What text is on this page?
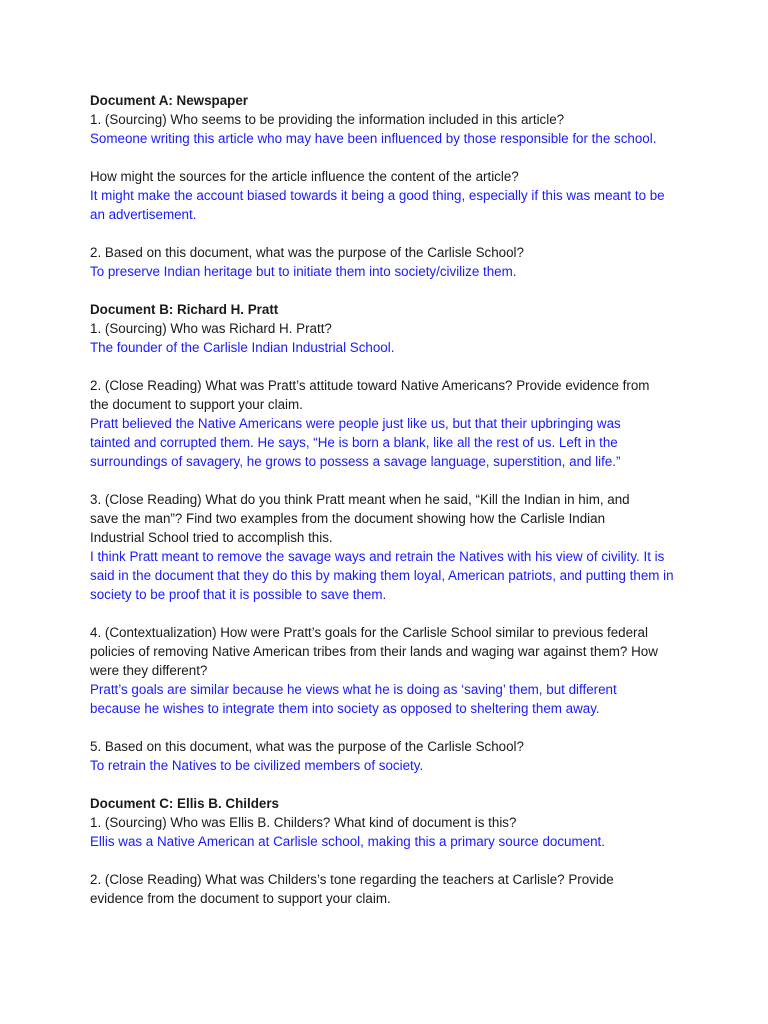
Document A: Newspaper

1. (Sourcing) Who seems to be providing the information included in this article?

Someone writing this article who may have been influenced by those responsible for the school.

How might the sources for the article influence the content of the article?

It might make the account biased towards it being a good thing, especially if this was meant to be an advertisement.

2. Based on this document, what was the purpose of the Carlisle School?

To preserve Indian heritage but to initiate them into society/civilize them.

Document B: Richard H. Pratt

1. (Sourcing) Who was Richard H. Pratt?

The founder of the Carlisle Indian Industrial School.

2. (Close Reading) What was Pratt’s attitude toward Native Americans? Provide evidence from the document to support your claim.

Pratt believed the Native Americans were people just like us, but that their upbringing was tainted and corrupted them. He says, “He is born a blank, like all the rest of us. Left in the surroundings of savagery, he grows to possess a savage language, superstition, and life.”

3. (Close Reading) What do you think Pratt meant when he said, “Kill the Indian in him, and save the man”? Find two examples from the document showing how the Carlisle Indian Industrial School tried to accomplish this.

I think Pratt meant to remove the savage ways and retrain the Natives with his view of civility. It is said in the document that they do this by making them loyal, American patriots, and putting them in society to be proof that it is possible to save them.

4. (Contextualization) How were Pratt’s goals for the Carlisle School similar to previous federal policies of removing Native American tribes from their lands and waging war against them? How were they different?

Pratt’s goals are similar because he views what he is doing as ‘saving’ them, but different because he wishes to integrate them into society as opposed to sheltering them away.

5. Based on this document, what was the purpose of the Carlisle School?

To retrain the Natives to be civilized members of society.

Document C: Ellis B. Childers

1. (Sourcing) Who was Ellis B. Childers? What kind of document is this?

Ellis was a Native American at Carlisle school, making this a primary source document.

2. (Close Reading) What was Childers’s tone regarding the teachers at Carlisle? Provide evidence from the document to support your claim.
